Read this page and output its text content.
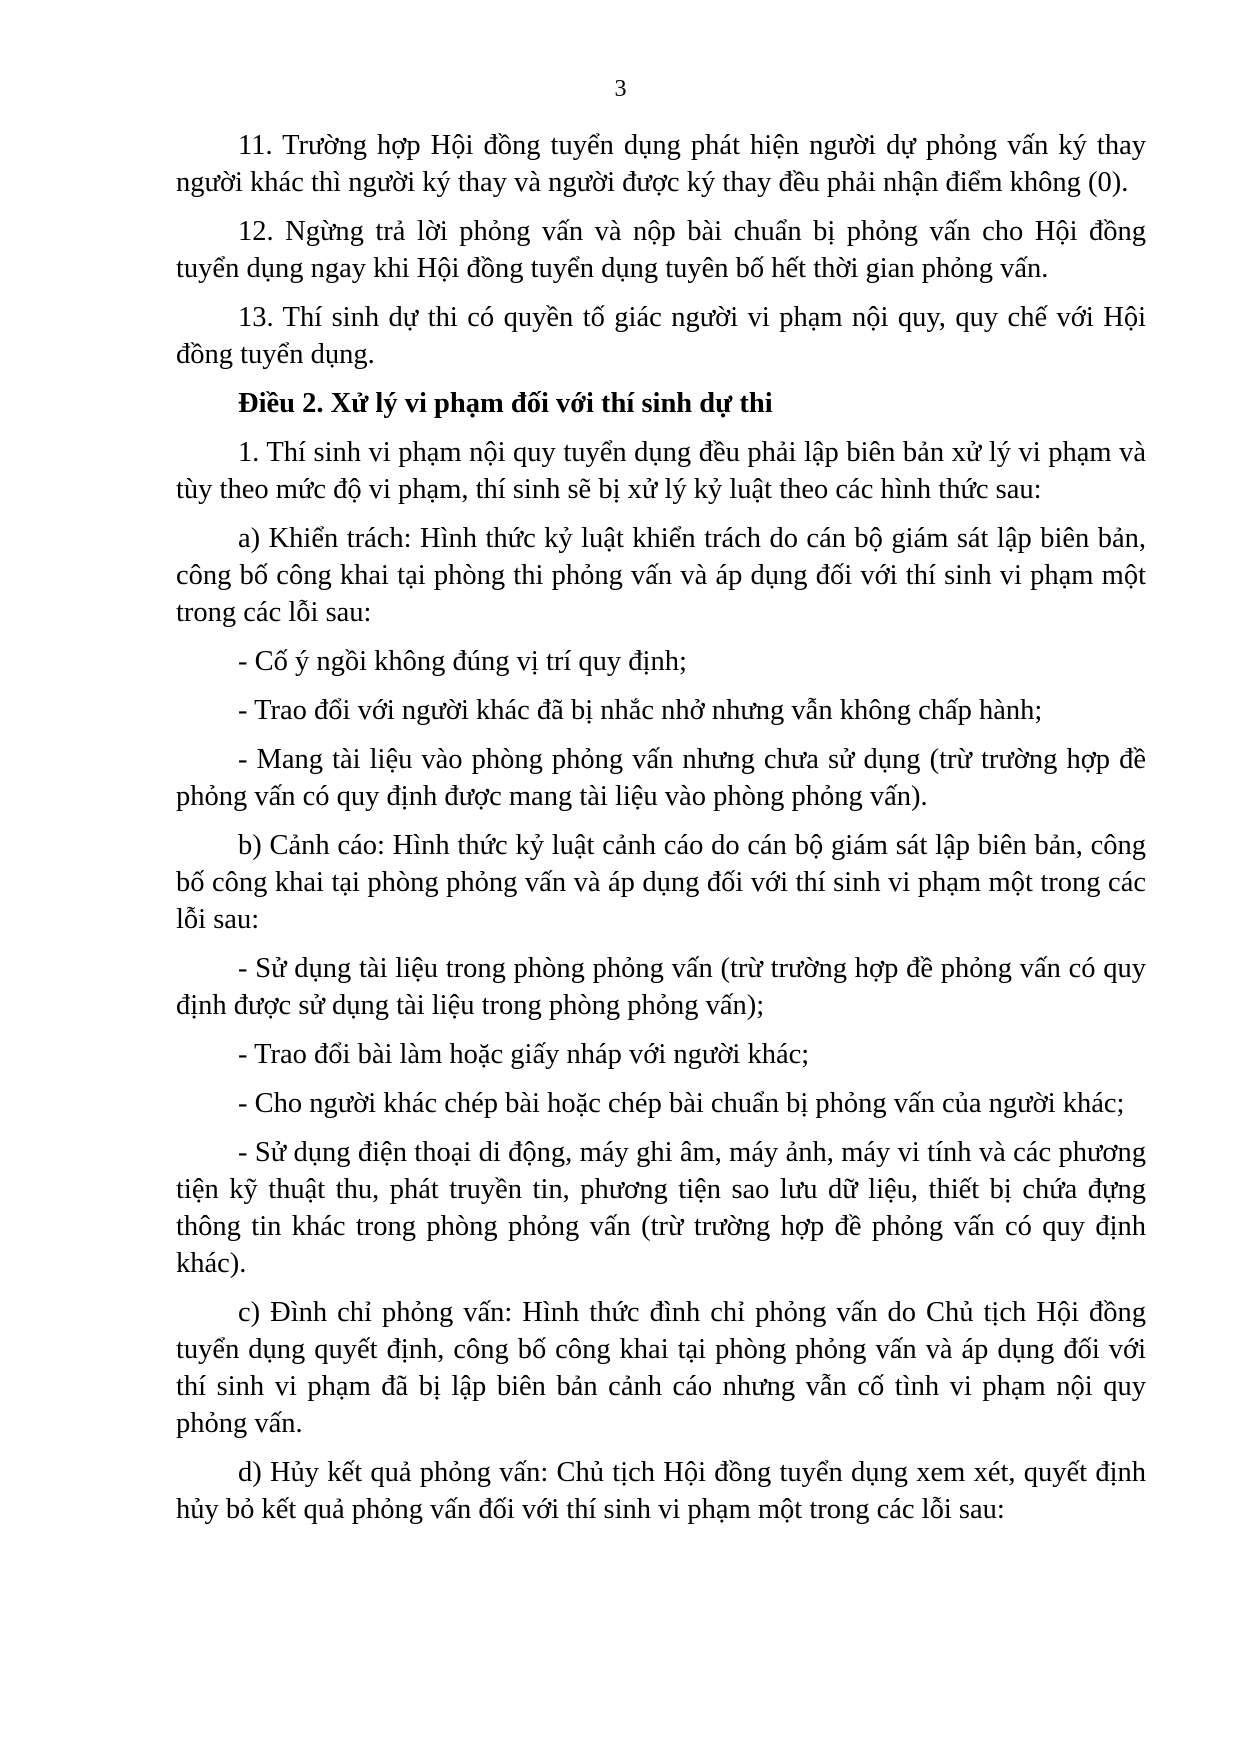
3

11. Trường hợp Hội đồng tuyển dụng phát hiện người dự phỏng vấn ký thay người khác thì người ký thay và người được ký thay đều phải nhận điểm không (0).

12. Ngừng trả lời phỏng vấn và nộp bài chuẩn bị phỏng vấn cho Hội đồng tuyển dụng ngay khi Hội đồng tuyển dụng tuyên bố hết thời gian phỏng vấn.

13. Thí sinh dự thi có quyền tố giác người vi phạm nội quy, quy chế với Hội đồng tuyển dụng.

Điều 2. Xử lý vi phạm đối với thí sinh dự thi

1. Thí sinh vi phạm nội quy tuyển dụng đều phải lập biên bản xử lý vi phạm và tùy theo mức độ vi phạm, thí sinh sẽ bị xử lý kỷ luật theo các hình thức sau:

a) Khiển trách: Hình thức kỷ luật khiển trách do cán bộ giám sát lập biên bản, công bố công khai tại phòng thi phỏng vấn và áp dụng đối với thí sinh vi phạm một trong các lỗi sau:

- Cố ý ngồi không đúng vị trí quy định;

- Trao đổi với người khác đã bị nhắc nhở nhưng vẫn không chấp hành;

- Mang tài liệu vào phòng phỏng vấn nhưng chưa sử dụng (trừ trường hợp đề phỏng vấn có quy định được mang tài liệu vào phòng phỏng vấn).

b) Cảnh cáo: Hình thức kỷ luật cảnh cáo do cán bộ giám sát lập biên bản, công bố công khai tại phòng phỏng vấn và áp dụng đối với thí sinh vi phạm một trong các lỗi sau:

- Sử dụng tài liệu trong phòng phỏng vấn (trừ trường hợp đề phỏng vấn có quy định được sử dụng tài liệu trong phòng phỏng vấn);

- Trao đổi bài làm hoặc giấy nháp với người khác;

- Cho người khác chép bài hoặc chép bài chuẩn bị phỏng vấn của người khác;

- Sử dụng điện thoại di động, máy ghi âm, máy ảnh, máy vi tính và các phương tiện kỹ thuật thu, phát truyền tin, phương tiện sao lưu dữ liệu, thiết bị chứa đựng thông tin khác trong phòng phỏng vấn (trừ trường hợp đề phỏng vấn có quy định khác).

c) Đình chỉ phỏng vấn: Hình thức đình chỉ phỏng vấn do Chủ tịch Hội đồng tuyển dụng quyết định, công bố công khai tại phòng phỏng vấn và áp dụng đối với thí sinh vi phạm đã bị lập biên bản cảnh cáo nhưng vẫn cố tình vi phạm nội quy phỏng vấn.

d) Hủy kết quả phỏng vấn: Chủ tịch Hội đồng tuyển dụng xem xét, quyết định hủy bỏ kết quả phỏng vấn đối với thí sinh vi phạm một trong các lỗi sau:
